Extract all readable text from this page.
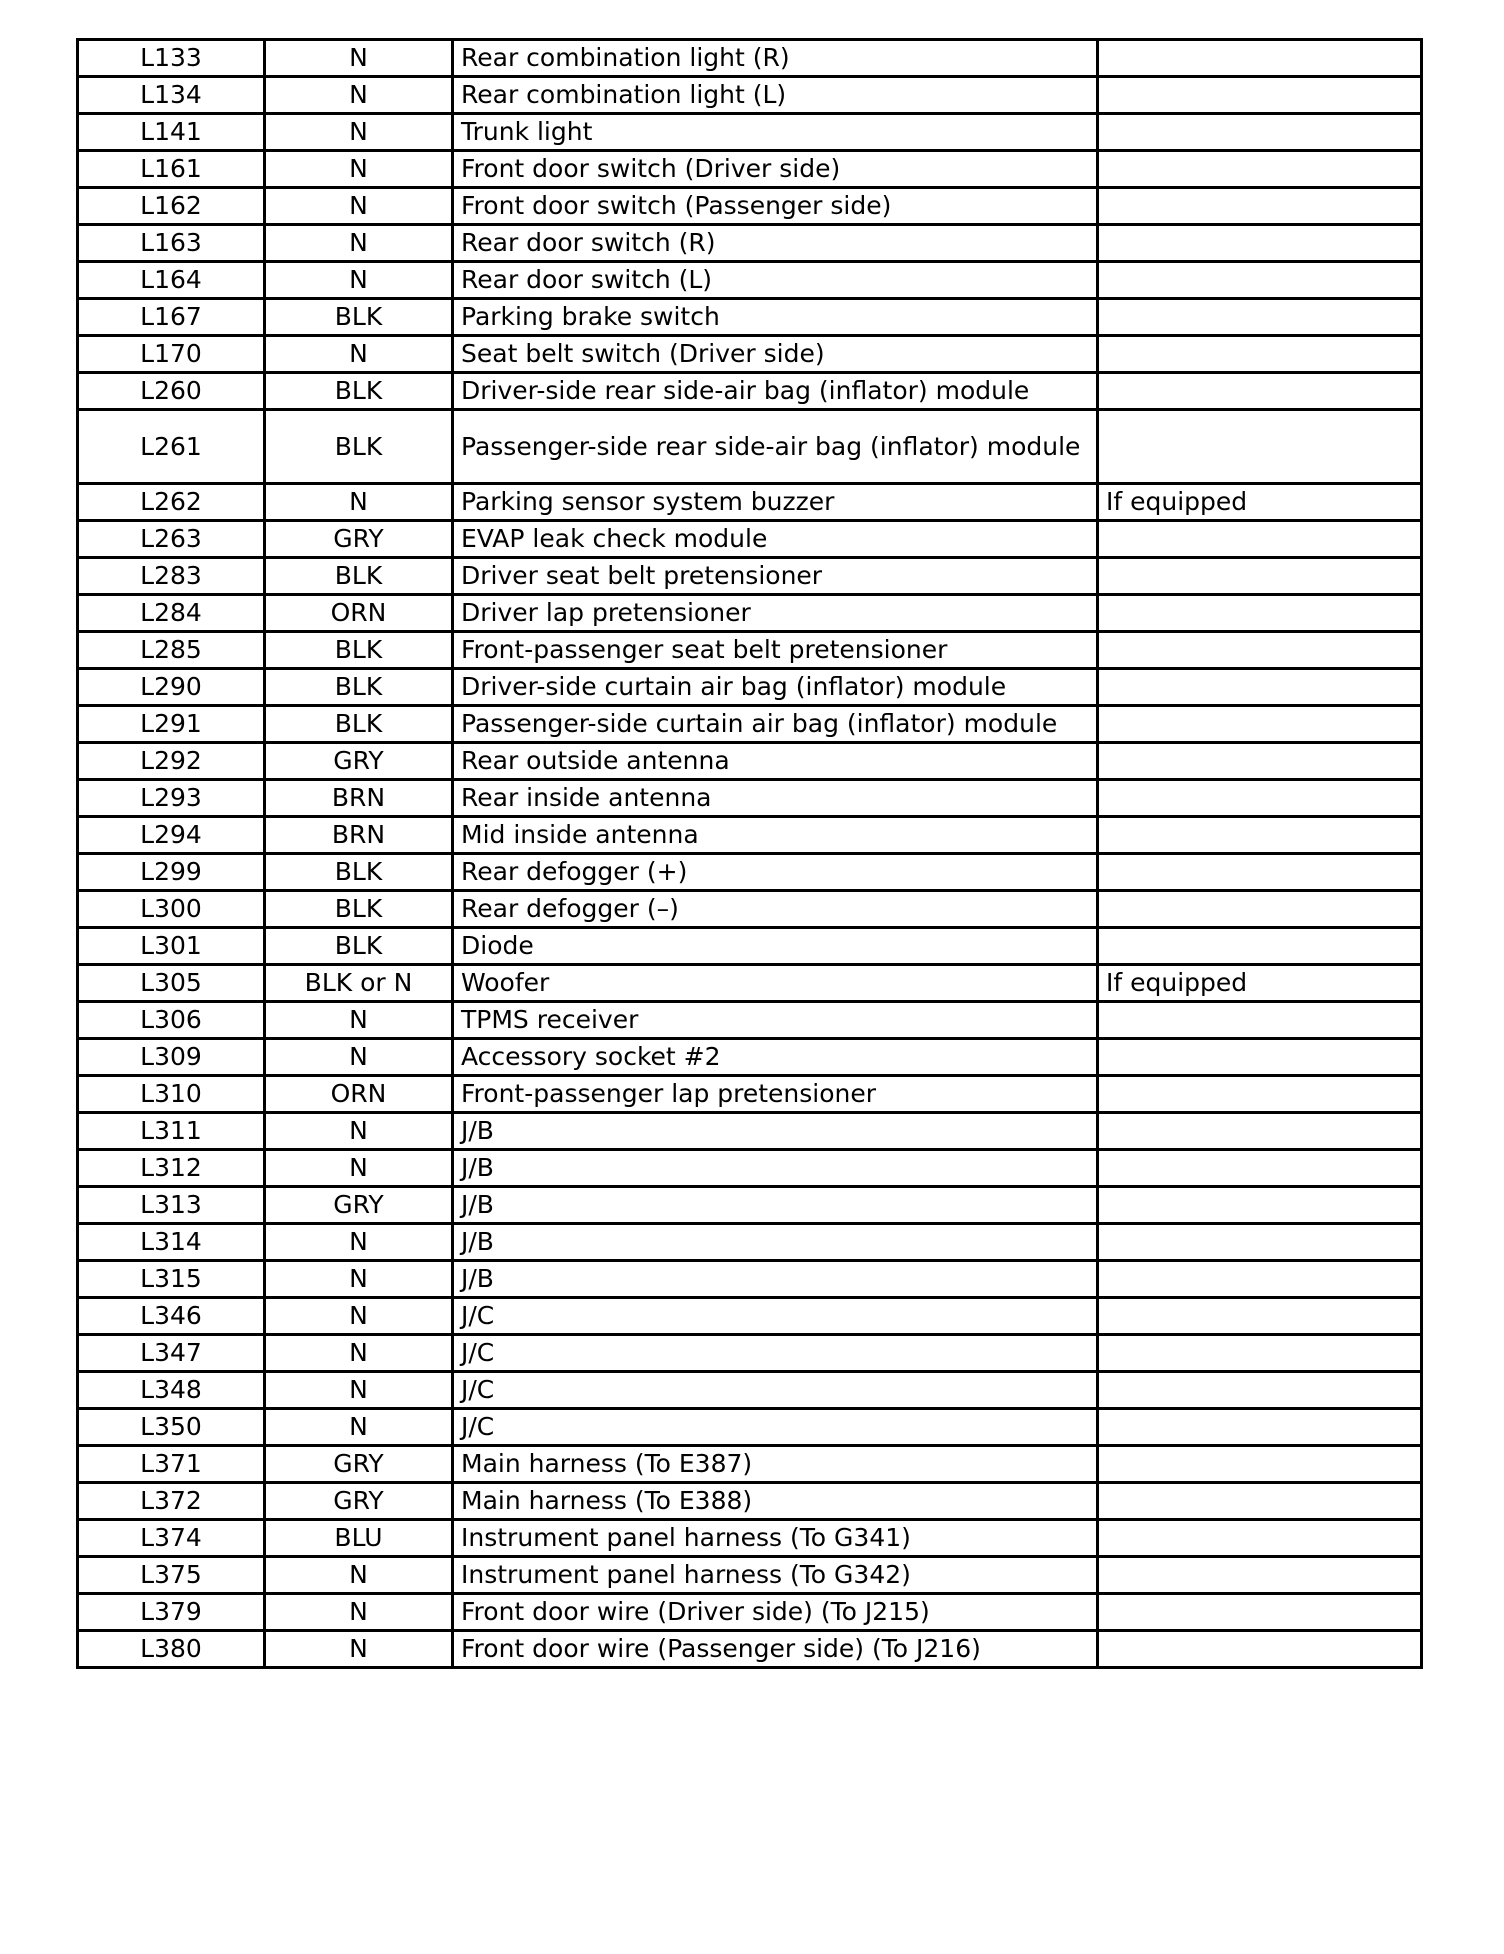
L133	N	Rear combination light (R)	
L134	N	Rear combination light (L)	
L141	N	Trunk light	
L161	N	Front door switch (Driver side)	
L162	N	Front door switch (Passenger side)	
L163	N	Rear door switch (R)	
L164	N	Rear door switch (L)	
L167	BLK	Parking brake switch	
L170	N	Seat belt switch (Driver side)	
L260	BLK	Driver-side rear side-air bag (inflator) module	
L261	BLK	Passenger-side rear side-air bag (inflator) module	
L262	N	Parking sensor system buzzer	If equipped
L263	GRY	EVAP leak check module	
L283	BLK	Driver seat belt pretensioner	
L284	ORN	Driver lap pretensioner	
L285	BLK	Front-passenger seat belt pretensioner	
L290	BLK	Driver-side curtain air bag (inflator) module	
L291	BLK	Passenger-side curtain air bag (inflator) module	
L292	GRY	Rear outside antenna	
L293	BRN	Rear inside antenna	
L294	BRN	Mid inside antenna	
L299	BLK	Rear defogger (+)	
L300	BLK	Rear defogger (–)	
L301	BLK	Diode	
L305	BLK or N	Woofer	If equipped
L306	N	TPMS receiver	
L309	N	Accessory socket #2	
L310	ORN	Front-passenger lap pretensioner	
L311	N	J/B	
L312	N	J/B	
L313	GRY	J/B	
L314	N	J/B	
L315	N	J/B	
L346	N	J/C	
L347	N	J/C	
L348	N	J/C	
L350	N	J/C	
L371	GRY	Main harness (To E387)	
L372	GRY	Main harness (To E388)	
L374	BLU	Instrument panel harness (To G341)	
L375	N	Instrument panel harness (To G342)	
L379	N	Front door wire (Driver side) (To J215)	
L380	N	Front door wire (Passenger side) (To J216)	
